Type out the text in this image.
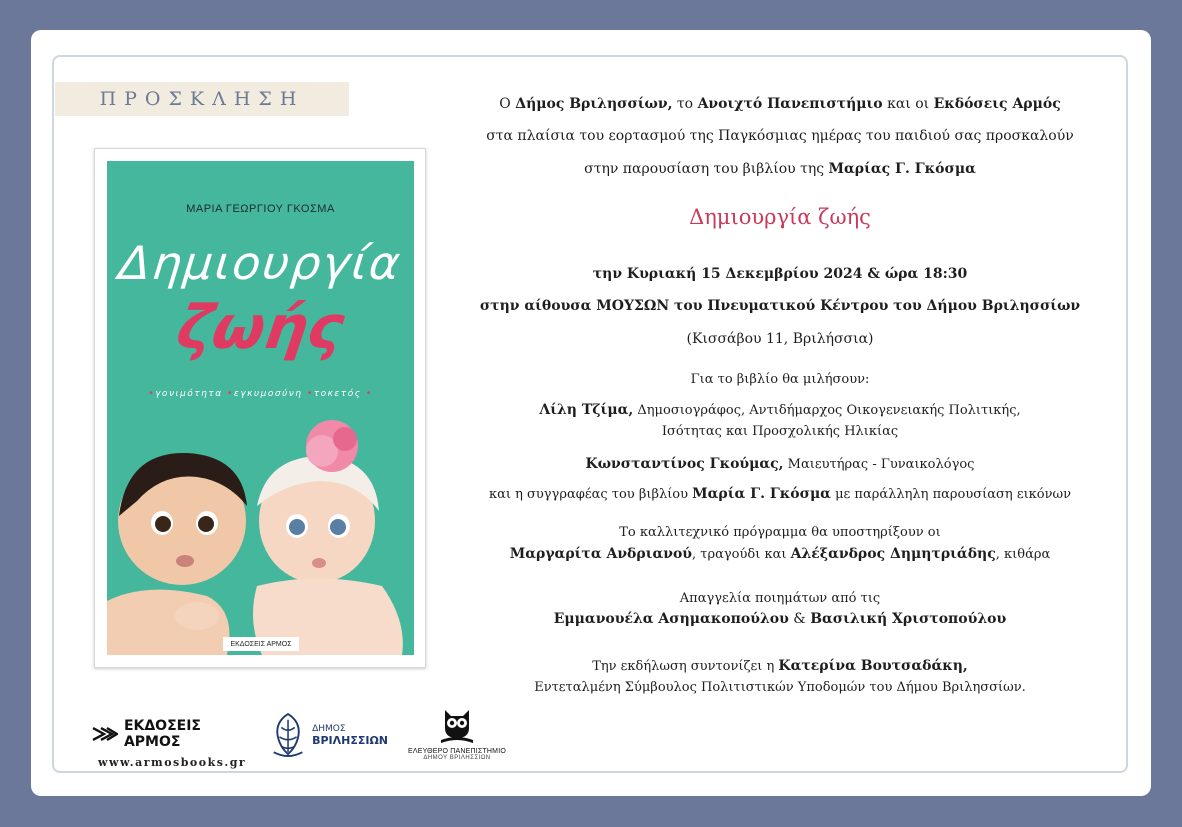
ΠΡΟΣΚΛΗΣΗ
ΜΑΡΙΑ ΓΕΩΡΓΙΟΥ ΓΚΟΣΜΑ
Δημιουργία
ζωής
•γονιμότητα •εγκυμοσύνη •τοκετός •
ΕΚΔΟΣΕΙΣ ΑΡΜΟΣ
Ο Δήμος Βριλησσίων, το Ανοιχτό Πανεπιστήμιο και οι Εκδόσεις Αρμός
στα πλαίσια του εορτασμού της Παγκόσμιας ημέρας του παιδιού σας προσκαλούν
στην παρουσίαση του βιβλίου της Μαρίας Γ. Γκόσμα
Δημιουργία ζωής
την Κυριακή 15 Δεκεμβρίου 2024 & ώρα 18:30
στην αίθουσα ΜΟΥΣΩΝ του Πνευματικού Κέντρου του Δήμου Βριλησσίων
(Κισσάβου 11, Βριλήσσια)
Για το βιβλίο θα μιλήσουν:
Λίλη Τζίμα, Δημοσιογράφος, Αντιδήμαρχος Οικογενειακής Πολιτικής,
Ισότητας και Προσχολικής Ηλικίας
Κωνσταντίνος Γκούμας, Μαιευτήρας - Γυναικολόγος
και η συγγραφέας του βιβλίου Μαρία Γ. Γκόσμα με παράλληλη παρουσίαση εικόνων
Το καλλιτεχνικό πρόγραμμα θα υποστηρίξουν οι
Μαργαρίτα Ανδριανού, τραγούδι και Αλέξανδρος Δημητριάδης, κιθάρα
Απαγγελία ποιημάτων από τις
Εμμανουέλα Ασημακοπούλου & Βασιλική Χριστοπούλου
Την εκδήλωση συντονίζει η Κατερίνα Βουτσαδάκη,
Εντεταλμένη Σύμβουλος Πολιτιστικών Υποδομών του Δήμου Βριλησσίων.
ΕΚΔΟΣΕΙΣ ΑΡΜΟΣ
www.armosbooks.gr
ΔΗΜΟΣ
ΒΡΙΛΗΣΣΙΩΝ
ΕΛΕΥΘΕΡΟ ΠΑΝΕΠΙΣΤΗΜΙΟ
ΔΗΜΟΥ ΒΡΙΛΗΣΣΙΩΝ
